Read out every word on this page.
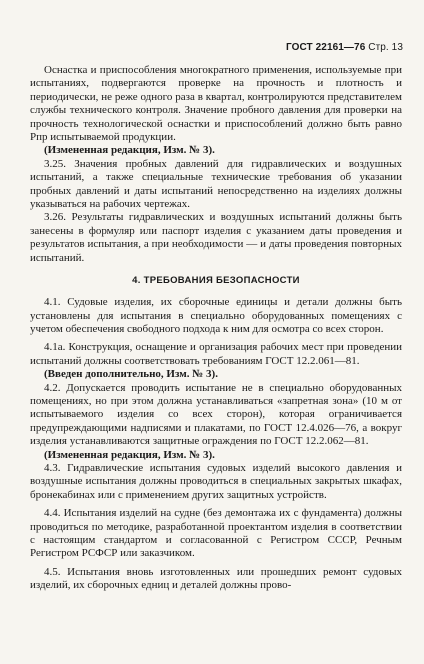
ГОСТ 22161—76 Стр. 13

Оснастка и приспособления многократного применения, используемые при испытаниях, подвергаются проверке на прочность и плотность и периодически, не реже одного раза в квартал, контролируются представителем службы технического контроля. Значение пробного давления для проверки на прочность технологической оснастки и приспособлений должно быть равно Pпр испытываемой продукции.

(Измененная редакция, Изм. № 3).

3.25. Значения пробных давлений для гидравлических и воздушных испытаний, а также специальные технические требования об указании пробных давлений и даты испытаний непосредственно на изделиях должны указываться на рабочих чертежах.

3.26. Результаты гидравлических и воздушных испытаний должны быть занесены в формуляр или паспорт изделия с указанием даты проведения и результатов испытания, а при необходимости — и даты проведения повторных испытаний.

4. ТРЕБОВАНИЯ БЕЗОПАСНОСТИ

4.1. Судовые изделия, их сборочные единицы и детали должны быть установлены для испытания в специально оборудованных помещениях с учетом обеспечения свободного подхода к ним для осмотра со всех сторон.

4.1а. Конструкция, оснащение и организация рабочих мест при проведении испытаний должны соответствовать требованиям ГОСТ 12.2.061—81.

(Введен дополнительно, Изм. № 3).

4.2. Допускается проводить испытание не в специально оборудованных помещениях, но при этом должна устанавливаться «запретная зона» (10 м от испытываемого изделия со всех сторон), которая ограничивается предупреждающими надписями и плакатами, по ГОСТ 12.4.026—76, а вокруг изделия устанавливаются защитные ограждения по ГОСТ 12.2.062—81.

(Измененная редакция, Изм. № 3).

4.3. Гидравлические испытания судовых изделий высокого давления и воздушные испытания должны проводиться в специальных закрытых шкафах, бронекабинах или с применением других защитных устройств.

4.4. Испытания изделий на судне (без демонтажа их с фундамента) должны проводиться по методике, разработанной проектантом изделия в соответствии с настоящим стандартом и согласованной с Регистром СССР, Речным Регистром РСФСР или заказчиком.

4.5. Испытания вновь изготовленных или прошедших ремонт судовых изделий, их сборочных едниц и деталей должны прово-
